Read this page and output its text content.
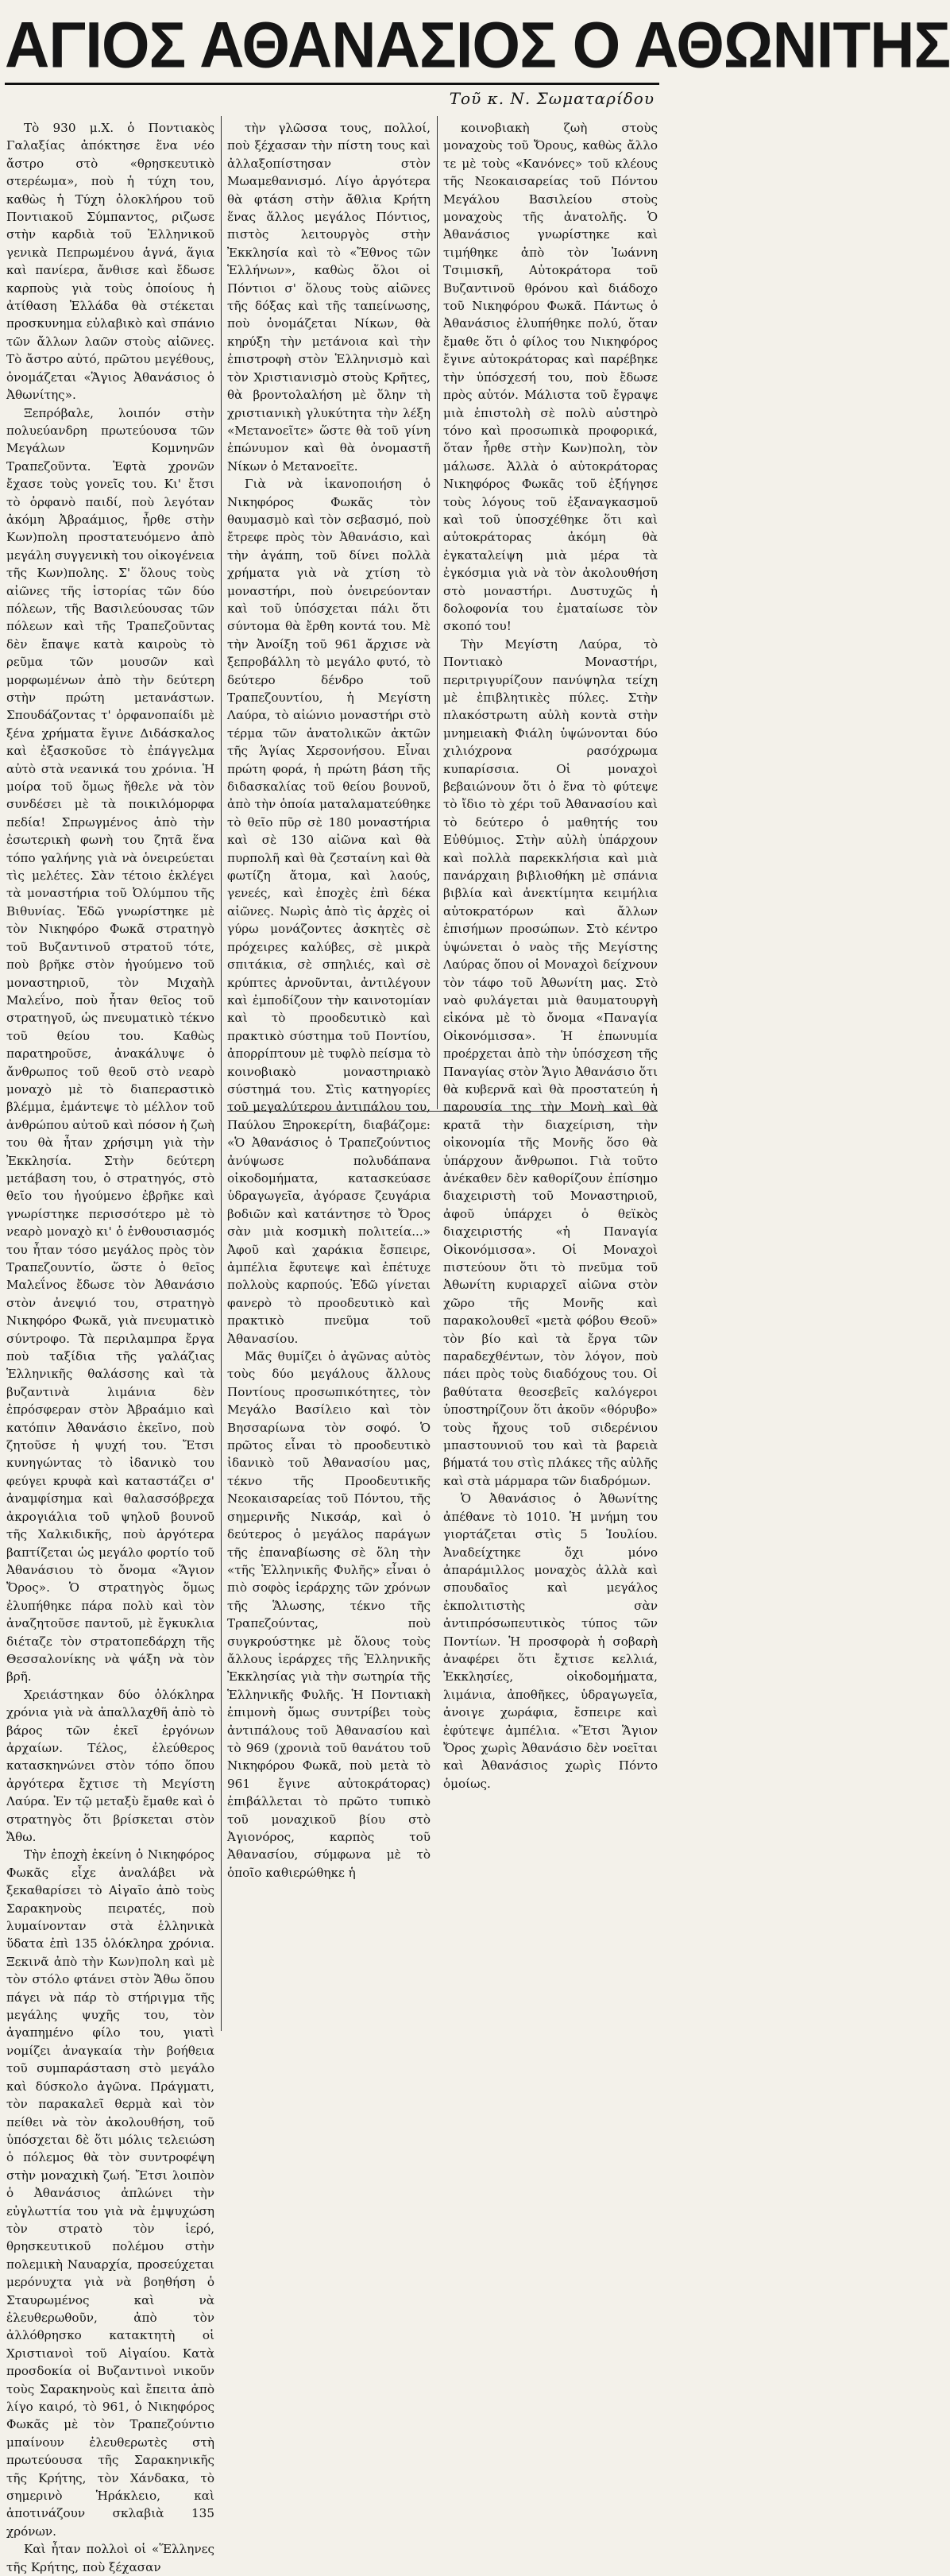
ΑΓΙΟΣ ΑΘΑΝΑΣΙΟΣ Ο ΑΘΩΝΙΤΗΣ
Τοῦ κ. Ν. Σωματαρίδου

Τὸ 930 μ.Χ. ὁ Ποντιακὸς Γαλαξίας ἀπόκτησε ἕνα νέο ἄστρο στὸ «θρησκευτικὸ στερέωμα», ποὺ ἡ τύχη του, καθὼς ἡ Τύχη ὁλοκλήρου τοῦ Ποντιακοῦ Σύμπαντος, ριζωσε στὴν καρδιὰ τοῦ Ἑλληνικοῦ γενικὰ Πεπρωμένου ἁγνά, ἅγια καὶ πανίερα, ἄνθισε καὶ ἔδωσε καρποὺς γιὰ τοὺς ὁποίους ἡ ἀτίθαση Ἑλλάδα θὰ στέκεται προσκυνημα εὐλαβικὸ καὶ σπάνιο τῶν ἄλλων λαῶν στοὺς αἰῶνες. Τὸ ἄστρο αὐτό, πρῶτου μεγέθους, ὀνομάζεται «Ἅγιος Ἀθανάσιος ὁ Ἀθωνίτης».

Ξεπρόβαλε, λοιπόν στὴν πολυεύανδρη πρωτεύουσα τῶν Μεγάλων Κομνηνῶν Τραπεζοῦντα. Ἑφτὰ χρονῶν ἔχασε τοὺς γονεῖς του. Κι' ἔτσι τὸ ὀρφανὸ παιδί, ποὺ λεγόταν ἀκόμη Ἀβραάμιος, ἦρθε στὴν Κων)πολη προστατευόμενο ἀπὸ μεγάλη συγγενικὴ του οἰκογένεια τῆς Κων)πολης. Σ' ὅλους τοὺς αἰῶνες τῆς ἱστορίας τῶν δύο πόλεων, τῆς Βασιλεύουσας τῶν πόλεων καὶ τῆς Τραπεζοῦντας δὲν ἔπαψε κατὰ καιροὺς τὸ ρεῦμα τῶν μουσῶν καὶ μορφωμένων ἀπὸ τὴν δεύτερη στὴν πρώτη μετανάστων. Σπουδάζοντας τ' ὀρφανοπαίδι μὲ ξένα χρήματα ἔγινε Διδάσκαλος καὶ ἐξασκοῦσε τὸ ἐπάγγελμα αὐτὸ στὰ νεανικά του χρόνια. Ἡ μοίρα τοῦ ὅμως ἤθελε νὰ τὸν συνδέσει μὲ τὰ ποικιλόμορφα πεδία! Σπρωγμένος ἀπὸ τὴν ἐσωτερικὴ φωνὴ του ζητᾶ ἕνα τόπο γαλήνης γιὰ νὰ ὁνειρεύεται τὶς μελέτες. Σὰν τέτοιο ἐκλέγει τὰ μοναστήρια τοῦ Ὀλύμπου τῆς Βιθυνίας. Ἐδῶ γνωρίστηκε μὲ τὸν Νικηφόρο Φωκᾶ στρατηγὸ τοῦ Βυζαντινοῦ στρατοῦ τότε, ποὺ βρῆκε στὸν ἡγούμενο τοῦ μοναστηριοῦ, τὸν Μιχαὴλ Μαλεΐνο, ποὺ ἦταν θεῖος τοῦ στρατηγοῦ, ὡς πνευματικὸ τέκνο τοῦ θείου του. Καθὼς παρατηροῦσε, ἀνακάλυψε ὁ ἄνθρωπος τοῦ θεοῦ στὸ νεαρὸ μοναχὸ μὲ τὸ διαπεραστικὸ βλέμμα, ἐμάντεψε τὸ μέλλον τοῦ ἀνθρώπου αὐτοῦ καὶ πόσον ἡ ζωὴ του θὰ ἦταν χρήσιμη γιὰ τὴν Ἐκκλησία. Στὴν δεύτερη μετάβαση του, ὁ στρατηγός, στὸ θεῖο του ἡγούμενο ἐβρῆκε καὶ γνωρίστηκε περισσότερο μὲ τὸ νεαρὸ μοναχὸ κι' ὁ ἐνθουσιασμός του ἦταν τόσο μεγάλος πρὸς τὸν Τραπεζουντίο, ὥστε ὁ θεῖος Μαλεΐνος ἔδωσε τὸν Ἀθανάσιο στὸν ἀνεψιό του, στρατηγὸ Νικηφόρο Φωκᾶ, γιὰ πνευματικὸ σύντροφο. Τὰ περιλαμπρα ἔργα ποὺ ταξίδια τῆς γαλάζιας Ἑλληνικῆς θαλάσσης καὶ τὰ βυζαντινὰ λιμάνια δὲν ἐπρόσφεραν στὸν Ἀβραάμιο καὶ κατόπιν Ἀθανάσιο ἐκεῖνο, ποὺ ζητοῦσε ἡ ψυχή του. Ἔτσι κυνηγώντας τὸ ἰδανικὸ του φεύγει κρυφὰ καὶ καταστάζει σ' ἀναμφίσημα καὶ θαλασσόβρεχα ἀκρογιάλια τοῦ ψηλοῦ βουνοῦ τῆς Χαλκιδικῆς, ποὺ ἀργότερα βαπτίζεται ὡς μεγάλο φορτίο τοῦ Ἀθανάσιου τὸ ὄνομα «Ἅγιον Ὄρος». Ὁ στρατηγὸς ὅμως ἐλυπήθηκε πάρα πολὺ καὶ τὸν ἀναζητοῦσε παντοῦ, μὲ ἔγκυκλια διέταζε τὸν στρατοπεδάρχη τῆς Θεσσαλονίκης νὰ ψάξη νὰ τὸν βρῆ.

Χρειάστηκαν δύο ὁλόκληρα χρόνια γιὰ νὰ ἀπαλλαχθῆ ἀπὸ τὸ βάρος τῶν ἐκεῖ ἐργόνων ἀρχαίων. Τέλος, ἐλεύθερος κατασκηνώνει στὸν τόπο ὅπου ἀργότερα ἔχτισε τὴ Μεγίστη Λαύρα. Ἐν τῷ μεταξὺ ἔμαθε καὶ ὁ στρατηγὸς ὅτι βρίσκεται στὸν Ἄθω.

Τὴν ἐποχὴ ἐκείνη ὁ Νικηφόρος Φωκᾶς εἶχε ἀναλάβει νὰ ξεκαθαρίσει τὸ Αἰγαῖο ἀπὸ τοὺς Σαρακηνοὺς πειρατές, ποὺ λυμαίνονταν στὰ ἑλληνικὰ ὕδατα ἐπὶ 135 ὁλόκληρα χρόνια. Ξεκινᾶ ἀπὸ τὴν Κων)πολη καὶ μὲ τὸν στόλο φτάνει στὸν Ἄθω ὅπου πάγει νὰ πάρ τὸ στήριγμα τῆς μεγάλης ψυχῆς του, τὸν ἀγαπημένο φίλο του, γιατὶ νομίζει ἀναγκαία τὴν βοήθεια τοῦ συμπαράσταση στὸ μεγάλο καὶ δύσκολο ἀγῶνα. Πράγματι, τὸν παρακαλεῖ θερμὰ καὶ τὸν πείθει νὰ τὸν ἀκολουθήση, τοῦ ὑπόσχεται δὲ ὅτι μόλις τελειώση ὁ πόλεμος θὰ τὸν συντροφέψη στὴν μοναχικὴ ζωή. Ἔτσι λοιπὸν ὁ Ἀθανάσιος ἀπλώνει τὴν εὐγλωττία του γιὰ νὰ ἐμψυχώση τὸν στρατὸ τὸν ἱερό, θρησκευτικοῦ πολέμου στὴν πολεμικὴ Ναυαρχία, προσεύχεται μερόνυχτα γιὰ νὰ βοηθήση ὁ Σταυρωμένος καὶ νὰ ἐλευθερωθοῦν, ἀπὸ τὸν ἀλλόθρησκο κατακτητὴ οἱ Χριστιανοὶ τοῦ Αἰγαίου. Κατὰ προσδοκία οἱ Βυζαντινοὶ νικοῦν τοὺς Σαρακηνοὺς καὶ ἔπειτα ἀπὸ λίγο καιρό, τὸ 961, ὁ Νικηφόρος Φωκᾶς μὲ τὸν Τραπεζούντιο μπαίνουν ἐλευθερωτὲς στὴ πρωτεύουσα τῆς Σαρακηνικῆς τῆς Κρήτης, τὸν Χάνδακα, τὸ σημερινὸ Ἡράκλειο, καὶ ἀποτινάζουν σκλαβιὰ 135 χρόνων.

Καὶ ἦταν πολλοὶ οἱ «Ἕλληνες τῆς Κρήτης, ποὺ ξέχασαν

τὴν γλῶσσα τους, πολλοί, ποὺ ξέχασαν τὴν πίστη τους καὶ ἀλλαξοπίστησαν στὸν Μωαμεθανισμό. Λίγο ἀργότερα θὰ φτάση στὴν ἄθλια Κρήτη ἕνας ἄλλος μεγάλος Πόντιος, πιστὸς λειτουργὸς στὴν Ἐκκλησία καὶ τὸ «Ἔθνος τῶν Ἑλλήνων», καθὼς ὅλοι οἱ Πόντιοι σ' ὅλους τοὺς αἰῶνες τῆς δόξας καὶ τῆς ταπείνωσης, ποὺ ὀνομάζεται Νίκων, θὰ κηρύξη τὴν μετάνοια καὶ τὴν ἐπιστροφὴ στὸν Ἑλληνισμὸ καὶ τὸν Χριστιανισμὸ στοὺς Κρῆτες, θὰ βροντολαλήση μὲ ὅλην τὴ χριστιανικὴ γλυκύτητα τὴν λέξη «Μετανοεῖτε» ὥστε θὰ τοῦ γίνη ἐπώνυμον καὶ θὰ ὀνομαστῆ Νίκων ὁ Μετανοεῖτε.

Γιὰ νὰ ἱκανοποιήση ὁ Νικηφόρος Φωκᾶς τὸν θαυμασμὸ καὶ τὸν σεβασμό, ποὺ ἔτρεφε πρὸς τὸν Ἀθανάσιο, καὶ τὴν ἀγάπη, τοῦ δίνει πολλὰ χρήματα γιὰ νὰ χτίση τὸ μοναστήρι, ποὺ ὀνειρεύονταν καὶ τοῦ ὑπόσχεται πάλι ὅτι σύντομα θὰ ἔρθη κοντά του. Μὲ τὴν Ἀνοίξη τοῦ 961 ἄρχισε νὰ ξεπροβάλλη τὸ μεγάλο φυτό, τὸ δεύτερο δένδρο τοῦ Τραπεζουντίου, ἡ Μεγίστη Λαύρα, τὸ αἰώνιο μοναστήρι στὸ τέρμα τῶν ἀνατολικῶν ἀκτῶν τῆς Ἁγίας Χερσονήσου. Εἶναι πρώτη φορά, ἡ πρώτη βάση τῆς διδασκαλίας τοῦ θείου βουνοῦ, ἀπὸ τὴν ὁποία ματαλαματεύθηκε τὸ θεῖο πῦρ σὲ 180 μοναστήρια καὶ σὲ 130 αἰῶνα καὶ θὰ πυρπολῆ καὶ θὰ ζεσταίνη καὶ θὰ φωτίζη ἄτομα, καὶ λαούς, γενεές, καὶ ἐποχὲς ἐπὶ δέκα αἰῶνες. Νωρὶς ἀπὸ τὶς ἀρχὲς οἱ γύρω μονάζοντες ἀσκητὲς σὲ πρόχειρες καλύβες, σὲ μικρὰ σπιτάκια, σὲ σπηλιές, καὶ σὲ κρύπτες ἀρνοῦνται, ἀντιλέγουν καὶ ἐμποδίζουν τὴν καινοτομίαν καὶ τὸ προοδευτικὸ καὶ πρακτικὸ σύστημα τοῦ Ποντίου, ἀπορρίπτουν μὲ τυφλὸ πείσμα τὸ κοινοβιακὸ μοναστηριακὸ σύστημά του. Στὶς κατηγορίες τοῦ μεγαλύτερου ἀντιπάλου του, Παύλου Ξηροκερίτη, διαβάζομε: «Ὁ Ἀθανάσιος ὁ Τραπεζούντιος ἀνύψωσε πολυδάπανα οἰκοδομήματα, κατασκεύασε ὑδραγωγεῖα, ἀγόρασε ζευγάρια βοδιῶν καὶ κατάντησε τὸ Ὄρος σὰν μιὰ κοσμικὴ πολιτεία...» Ἀφοῦ καὶ χαράκια ἔσπειρε, ἀμπέλια ἔφυτεψε καὶ ἐπέτυχε πολλοὺς καρπούς. Ἐδῶ γίνεται φανερὸ τὸ προοδευτικὸ καὶ πρακτικὸ πνεῦμα τοῦ Ἀθανασίου.

Μᾶς θυμίζει ὁ ἀγῶνας αὐτὸς τοὺς δύο μεγάλους ἄλλους Ποντίους προσωπικότητες, τὸν Μεγάλο Βασίλειο καὶ τὸν Βησσαρίωνα τὸν σοφό. Ὁ πρῶτος εἶναι τὸ προοδευτικὸ ἰδανικὸ τοῦ Ἀθανασίου μας, τέκνο τῆς Προοδευτικῆς Νεοκαισαρείας τοῦ Πόντου, τῆς σημερινῆς Νικσάρ, καὶ ὁ δεύτερος ὁ μεγάλος παράγων τῆς ἐπαναβίωσης σὲ ὅλη τὴν «τῆς Ἑλληνικῆς Φυλῆς» εἶναι ὁ πιὸ σοφὸς ἱεράρχης τῶν χρόνων τῆς Ἅλωσης, τέκνο τῆς Τραπεζούντας, ποὺ συγκρούστηκε μὲ ὅλους τοὺς ἄλλους ἱεράρχες τῆς Ἑλληνικῆς Ἐκκλησίας γιὰ τὴν σωτηρία τῆς Ἑλληνικῆς Φυλῆς. Ἡ Ποντιακὴ ἐπιμονὴ ὅμως συντρίβει τοὺς ἀντιπάλους τοῦ Ἀθανασίου καὶ τὸ 969 (χρονιὰ τοῦ θανάτου τοῦ Νικηφόρου Φωκᾶ, ποὺ μετὰ τὸ 961 ἔγινε αὐτοκράτορας) ἐπιβάλλεται τὸ πρῶτο τυπικὸ τοῦ μοναχικοῦ βίου στὸ Ἀγιονόρος, καρπὸς τοῦ Ἀθανασίου, σύμφωνα μὲ τὸ ὁποῖο καθιερώθηκε ἡ

κοινοβιακὴ ζωὴ στοὺς μοναχοὺς τοῦ Ὄρους, καθὼς ἄλλο τε μὲ τοὺς «Κανόνες» τοῦ κλέους τῆς Νεοκαισαρείας τοῦ Πόντου Μεγάλου Βασιλείου στοὺς μοναχοὺς τῆς ἀνατολῆς. Ὁ Ἀθανάσιος γνωρίστηκε καὶ τιμήθηκε ἀπὸ τὸν Ἰωάννη Τσιμισκῆ, Αὐτοκράτορα τοῦ Βυζαντινοῦ θρόνου καὶ διάδοχο τοῦ Νικηφόρου Φωκᾶ. Πάντως ὁ Ἀθανάσιος ἐλυπήθηκε πολύ, ὅταν ἔμαθε ὅτι ὁ φίλος του Νικηφόρος ἔγινε αὐτοκράτορας καὶ παρέβηκε τὴν ὑπόσχεσή του, ποὺ ἔδωσε πρὸς αὐτόν. Μάλιστα τοῦ ἔγραψε μιὰ ἐπιστολὴ σὲ πολὺ αὐστηρὸ τόνο καὶ προσωπικὰ προφορικά, ὅταν ἦρθε στὴν Κων)πολη, τὸν μάλωσε. Ἀλλὰ ὁ αὐτοκράτορας Νικηφόρος Φωκᾶς τοῦ ἐξήγησε τοὺς λόγους τοῦ ἐξαναγκασμοῦ καὶ τοῦ ὑποσχέθηκε ὅτι καὶ αὐτοκράτορας ἀκόμη θὰ ἐγκαταλείψη μιὰ μέρα τὰ ἐγκόσμια γιὰ νὰ τὸν ἀκολουθήση στὸ μοναστήρι. Δυστυχῶς ἡ δολοφονία του ἐματαίωσε τὸν σκοπό του!

Τὴν Μεγίστη Λαύρα, τὸ Ποντιακὸ Μοναστήρι, περιτριγυρίζουν πανύψηλα τείχη μὲ ἐπιβλητικὲς πύλες. Στὴν πλακόστρωτη αὐλὴ κοντὰ στὴν μνημειακὴ Φιάλη ὑψώνονται δύο χιλιόχρονα ρασόχρωμα κυπαρίσσια. Οἱ μοναχοὶ βεβαιώνουν ὅτι ὁ ἕνα τὸ φύτεψε τὸ ἴδιο τὸ χέρι τοῦ Ἀθανασίου καὶ τὸ δεύτερο ὁ μαθητής του Εὐθύμιος. Στὴν αὐλὴ ὑπάρχουν καὶ πολλὰ παρεκκλήσια καὶ μιὰ πανάρχαιη βιβλιοθήκη μὲ σπάνια βιβλία καὶ ἀνεκτίμητα κειμήλια αὐτοκρατόρων καὶ ἄλλων ἐπισήμων προσώπων. Στὸ κέντρο ὑψώνεται ὁ ναὸς τῆς Μεγίστης Λαύρας ὅπου οἱ Μοναχοὶ δείχνουν τὸν τάφο τοῦ Ἀθωνίτη μας. Στὸ ναὸ φυλάγεται μιὰ θαυματουργὴ εἰκόνα μὲ τὸ ὄνομα «Παναγία Οἰκονόμισσα». Ἡ ἐπωνυμία προέρχεται ἀπὸ τὴν ὑπόσχεση τῆς Παναγίας στὸν Ἅγιο Ἀθανάσιο ὅτι θὰ κυβερνᾶ καὶ θὰ προστατεύη ἡ παρουσία της τὴν Μονὴ καὶ θὰ κρατᾶ τὴν διαχείριση, τὴν οἰκονομία τῆς Μονῆς ὅσο θὰ ὑπάρχουν ἄνθρωποι. Γιὰ τοῦτο ἀνέκαθεν δὲν καθορίζουν ἐπίσημο διαχειριστὴ τοῦ Μοναστηριοῦ, ἀφοῦ ὑπάρχει ὁ θεϊκὸς διαχειριστής «ἡ Παναγία Οἰκονόμισσα». Οἱ Μοναχοὶ πιστεύουν ὅτι τὸ πνεῦμα τοῦ Ἀθωνίτη κυριαρχεῖ αἰῶνα στὸν χῶρο τῆς Μονῆς καὶ παρακολουθεῖ «μετὰ φόβου Θεοῦ» τὸν βίο καὶ τὰ ἔργα τῶν παραδεχθέντων, τὸν λόγον, ποὺ πάει πρὸς τοὺς διαδόχους του. Οἱ βαθύτατα θεοσεβεῖς καλόγεροι ὑποστηρίζουν ὅτι ἀκοῦν «θόρυβο» τοὺς ἤχους τοῦ σιδερένιου μπαστουνιοῦ του καὶ τὰ βαρειὰ βήματά του στὶς πλάκες τῆς αὐλῆς καὶ στὰ μάρμαρα τῶν διαδρόμων.

Ὁ Ἀθανάσιος ὁ Ἀθωνίτης ἀπέθανε τὸ 1010. Ἡ μνήμη του γιορτάζεται στὶς 5 Ἰουλίου. Ἀναδείχτηκε ὄχι μόνο ἀπαράμιλλος μοναχὸς ἀλλὰ καὶ σπουδαῖος καὶ μεγάλος ἐκπολιτιστὴς σὰν ἀντιπρόσωπευτικὸς τύπος τῶν Ποντίων. Ἡ προσφορὰ ἡ σοβαρὴ ἀναφέρει ὅτι ἔχτισε κελλιά, Ἐκκλησίες, οἰκοδομήματα, λιμάνια, ἀποθῆκες, ὑδραγωγεῖα, ἀνοιγε χωράφια, ἔσπειρε καὶ ἐφύτεψε ἀμπέλια. «Ἔτσι Ἅγιον Ὄρος χωρὶς Ἀθανάσιο δὲν νοεῖται καὶ Ἀθανάσιος χωρὶς Πόντο ὁμοίως.
